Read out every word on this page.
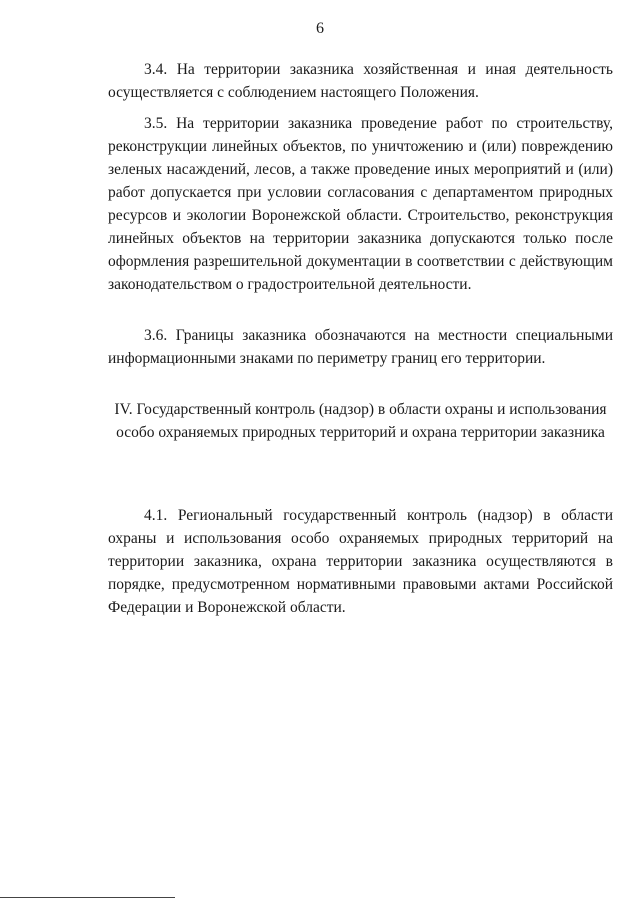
6

3.4. На территории заказника хозяйственная и иная деятельность осуществляется с соблюдением настоящего Положения.

3.5. На территории заказника проведение работ по строительству, реконструкции линейных объектов, по уничтожению и (или) повреждению зеленых насаждений, лесов, а также проведение иных мероприятий и (или) работ допускается при условии согласования с департаментом природных ресурсов и экологии Воронежской области. Строительство, реконструкция линейных объектов на территории заказника допускаются только после оформления разрешительной документации в соответствии с действующим законодательством о градостроительной деятельности.

3.6. Границы заказника обозначаются на местности специальными информационными знаками по периметру границ его территории.

IV. Государственный контроль (надзор) в области охраны и использования особо охраняемых природных территорий и охрана территории заказника

4.1. Региональный государственный контроль (надзор) в области охраны и использования особо охраняемых природных территорий на территории заказника, охрана территории заказника осуществляются в порядке, предусмотренном нормативными правовыми актами Российской Федерации и Воронежской области.
